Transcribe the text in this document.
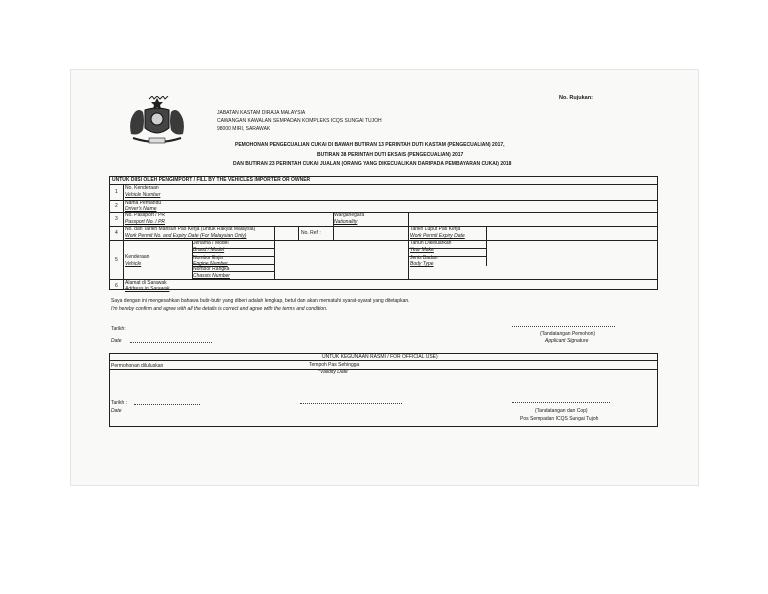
No. Rujukan:
JABATAN KASTAM DIRAJA MALAYSIA
CAWANGAN KAWALAN SEMPADAN KOMPLEKS ICQS SUNGAI TUJOH
98000 MIRI, SARAWAK
PEMOHONAN PENGECUALIAN CUKAI DI BAWAH BUTIRAN 13 PERINTAH DUTI KASTAM (PENGECUALIAN) 2017,
BUTIRAN 38 PERINTAH DUTI EKSAIS (PENGECUALIAN) 2017
DAN BUTIRAN 23 PERINTAH CUKAI JUALAN (ORANG YANG DIKECUALIKAN DARIPADA PEMBAYARAN CUKAI) 2018
UNTUK DIISI OLEH PENGIMPORT / FILL BY THE VEHICLES IMPORTER OR OWNER
1
2
3
4
5
6
No. Kenderaan
Vehicle Number
Nama Pemandu
Driver's Name
No. Passport / PR
Passport No. / PR
No. dan Tarikh Mansuh Pas Kerja (Untuk Rakyat Malaysia)
Work Permit No. and Expiry Date (For Malaysian Only)
Kenderaan
Vehicle
Alamat di Sarawak
Address in Sarawak
Warganegara
Nationality
Tarikh Luput Pas Kerja
Work Permit Expiry Date
No. Ref :
Jenama / Model
Brand / Model
Nombor Enjin
Engine Number
Nombor Rangka
Chassis Number
Tahun Dikeluarkan
Year Make
Jenis Badan
Body Type
Saya dengan ini mengesahkan bahawa butir-butir yang diberi adalah lengkap, betul dan akan mematuhi syarat-syarat yang ditetapkan.
I'm hereby confirm and agree with all the details is correct and agree with the terms and condition.
Tarikh:
Date
(Tandatangan Pemohon)
Applicant Signature
UNTUK KEGUNAAN RASMI / FOR OFFICIAL USE)
Permohonan diluluskan	Tempoh Pas Sehingga
*Validity Date
Tarikh :
Date	(Tandatangan dan Cop)
Pos Sempadan ICQS Sungai Tujoh
